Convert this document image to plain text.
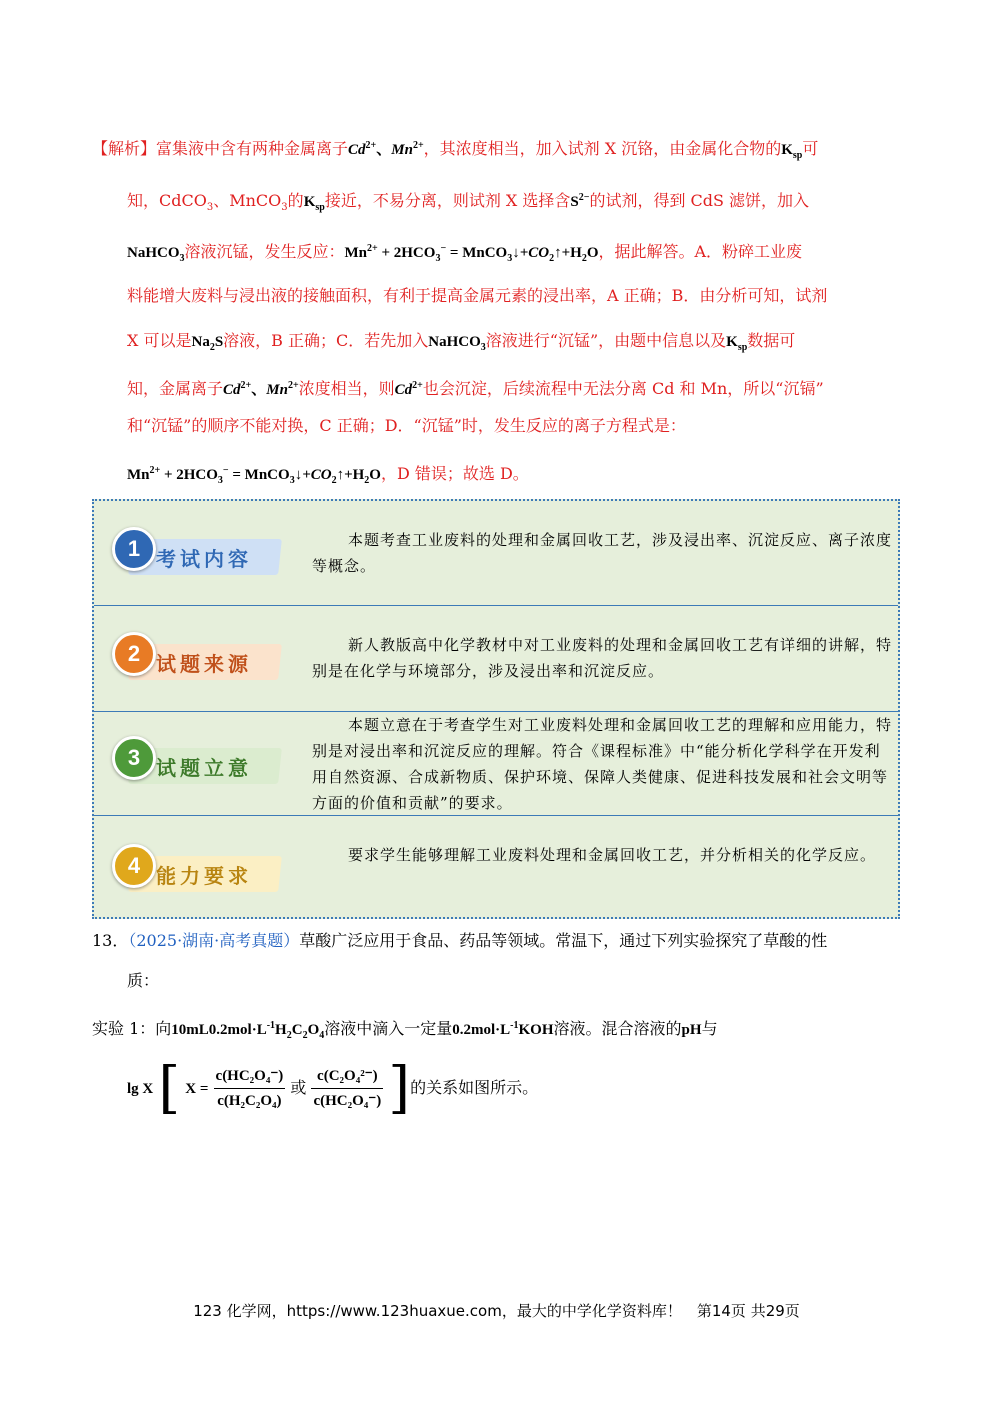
【解析】富集液中含有两种金属离子$Cd^{2+}$、$Mn^{2+}$，其浓度相当，加入试剂 X 沉铬，由金属化合物的$K_{sp}$可
知，CdCO$_3$、MnCO$_3$的$K_{sp}$接近，不易分离，则试剂 X 选择含$S^{2-}$的试剂，得到 CdS 滤饼，加入
NaHCO$_3$溶液沉锰，发生反应：$Mn^{2+} + 2HCO_3^-$ = $MnCO_3↓+CO_2↑+H_2O$，据此解答。A．粉碎工业废
料能增大废料与浸出液的接触面积，有利于提高金属元素的浸出率，A 正确；B．由分析可知，试剂
X 可以是$Na_2S$溶液，B 正确；C．若先加入NaHCO$_3$溶液进行“沉锰”，由题中信息以及$K_{sp}$数据可
知，金属离子$Cd^{2+}$、$Mn^{2+}$浓度相当，则$Cd^{2+}$也会沉淀，后续流程中无法分离 Cd 和 Mn，所以“沉镉”
和“沉锰”的顺序不能对换，C 正确；D．“沉锰”时，发生反应的离子方程式是：
$Mn^{2+} + 2HCO_3^-$ = $MnCO_3↓+CO_2↑+H_2O$，D 错误；故选 D。
1 考试内容
本题考查工业废料的处理和金属回收工艺，涉及浸出率、沉淀反应、离子浓度等概念。
2 试题来源
新人教版高中化学教材中对工业废料的处理和金属回收工艺有详细的讲解，特别是在化学与环境部分，涉及浸出率和沉淀反应。
3 试题立意
本题立意在于考查学生对工业废料处理和金属回收工艺的理解和应用能力，特别是对浸出率和沉淀反应的理解。符合《课程标准》中“能分析化学科学在开发利用自然资源、合成新物质、保护环境、保障人类健康、促进科技发展和社会文明等方面的价值和贡献”的要求。
4 能力要求
要求学生能够理解工业废料处理和金属回收工艺，并分析相关的化学反应。
13．（2025·湖南·高考真题）草酸广泛应用于食品、药品等领域。常温下，通过下列实验探究了草酸的性
质：
实验 1：向$10mL0.2mol\cdot L^{-1}H_2C_2O_4$溶液中滴入一定量$0.2mol\cdot L^{-1}KOH$溶液。混合溶液的pH与
lg X [ $X = \frac{\text{c(HC₂O₄⁻)}}{\text{c(H₂C₂O₄)}}$ 或 $\frac{\text{c(C₂O₄²⁻)}}{\text{c(HC₂O₄⁻)}}$ ]的关系如图所示。
123 化学网，https://www.123huaxue.com，最大的中学化学资料库！　第14页 共29页
